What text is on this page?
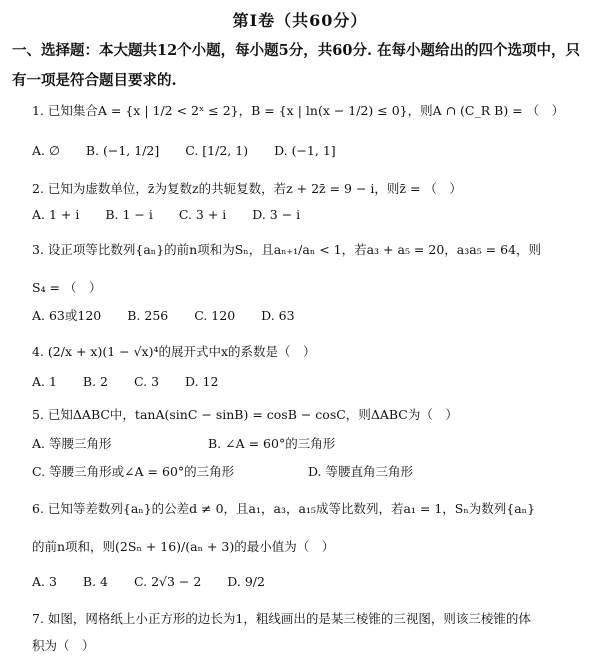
第Ⅰ卷（共60分）
一、选择题：本大题共12个小题，每小题5分，共60分. 在每小题给出的四个选项中，只有一项是符合题目要求的.
1. 已知集合A = {x | 1/2 < 2ˣ ≤ 2}，B = {x | ln(x − 1/2) ≤ 0}，则A ∩ (C_R B) = （　）
A. ∅ B. (−1, 1/2] C. [1/2, 1) D. (−1, 1]
2. 已知为虚数单位，z̄为复数z的共轭复数，若z + 2z̄ = 9 − i，则z̄ = （　）
A. 1 + i B. 1 − i C. 3 + i D. 3 − i
3. 设正项等比数列{aₙ}的前n项和为Sₙ，且aₙ₊₁/aₙ < 1，若a₃ + a₅ = 20，a₃a₅ = 64，则
S₄ = （　）
A. 63或120 B. 256 C. 120 D. 63
4. (2/x + x)(1 − √x)⁴的展开式中x的系数是（　）
A. 1 B. 2 C. 3 D. 12
5. 已知ΔABC中，tanA(sinC − sinB) = cosB − cosC，则ΔABC为（　）
A. 等腰三角形	B. ∠A = 60°的三角形
C. 等腰三角形或∠A = 60°的三角形	D. 等腰直角三角形
6. 已知等差数列{aₙ}的公差d ≠ 0，且a₁，a₃，a₁₅成等比数列，若a₁ = 1，Sₙ为数列{aₙ}
的前n项和，则(2Sₙ + 16)/(aₙ + 3)的最小值为（　）
A. 3 B. 4 C. 2√3 − 2 D. 9/2
7. 如图，网格纸上小正方形的边长为1，粗线画出的是某三棱锥的三视图，则该三棱锥的体
积为（　）
